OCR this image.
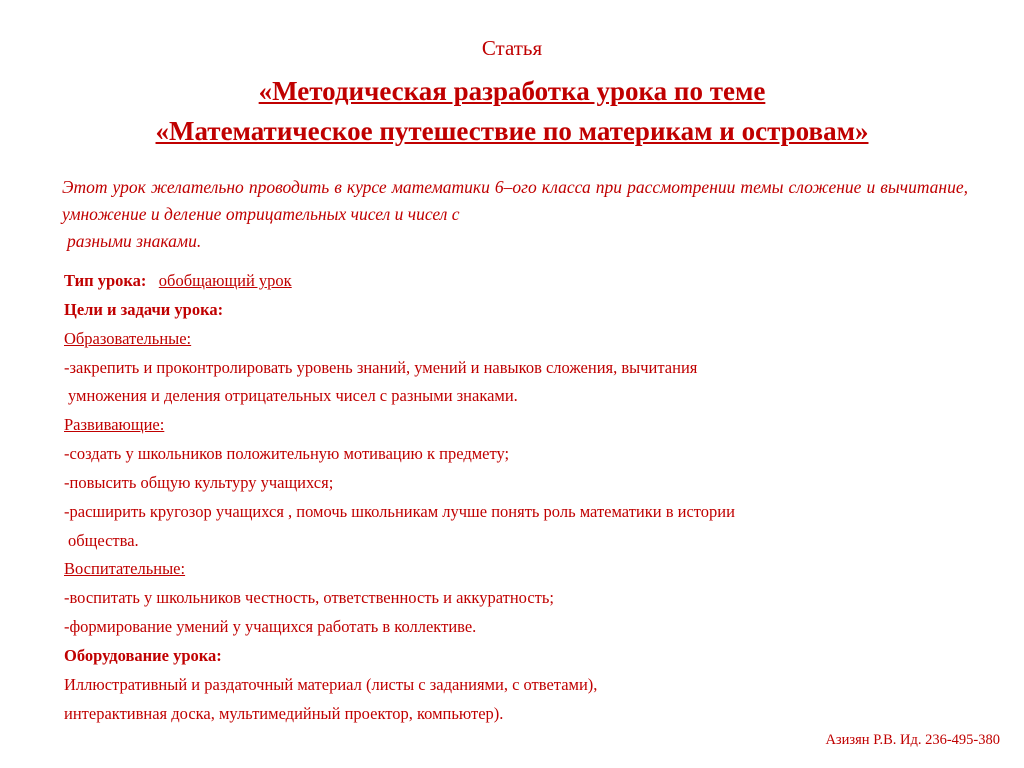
Статья
«Методическая разработка урока по теме
«Математическое путешествие по материкам и островам»
Этот урок желательно проводить в курсе математики 6–ого класса при рассмотрении темы сложение и вычитание, умножение и деление отрицательных чисел и чисел с
разными знаками.
Тип урока: обобщающий урок
Цели и задачи урока:
Образовательные:
-закрепить и проконтролировать уровень знаний, умений и навыков сложения, вычитания
умножения и деления отрицательных чисел с разными знаками.
Развивающие:
-создать у школьников положительную мотивацию к предмету;
-повысить общую культуру учащихся;
-расширить кругозор учащихся , помочь школьникам лучше понять роль математики в истории
общества.
Воспитательные:
-воспитать у школьников честность, ответственность и аккуратность;
-формирование умений у учащихся работать в коллективе.
Оборудование урока:
Иллюстративный и раздаточный материал (листы с заданиями, с ответами),
интерактивная доска, мультимедийный проектор, компьютер).
Азизян Р.В. Ид. 236-495-380
